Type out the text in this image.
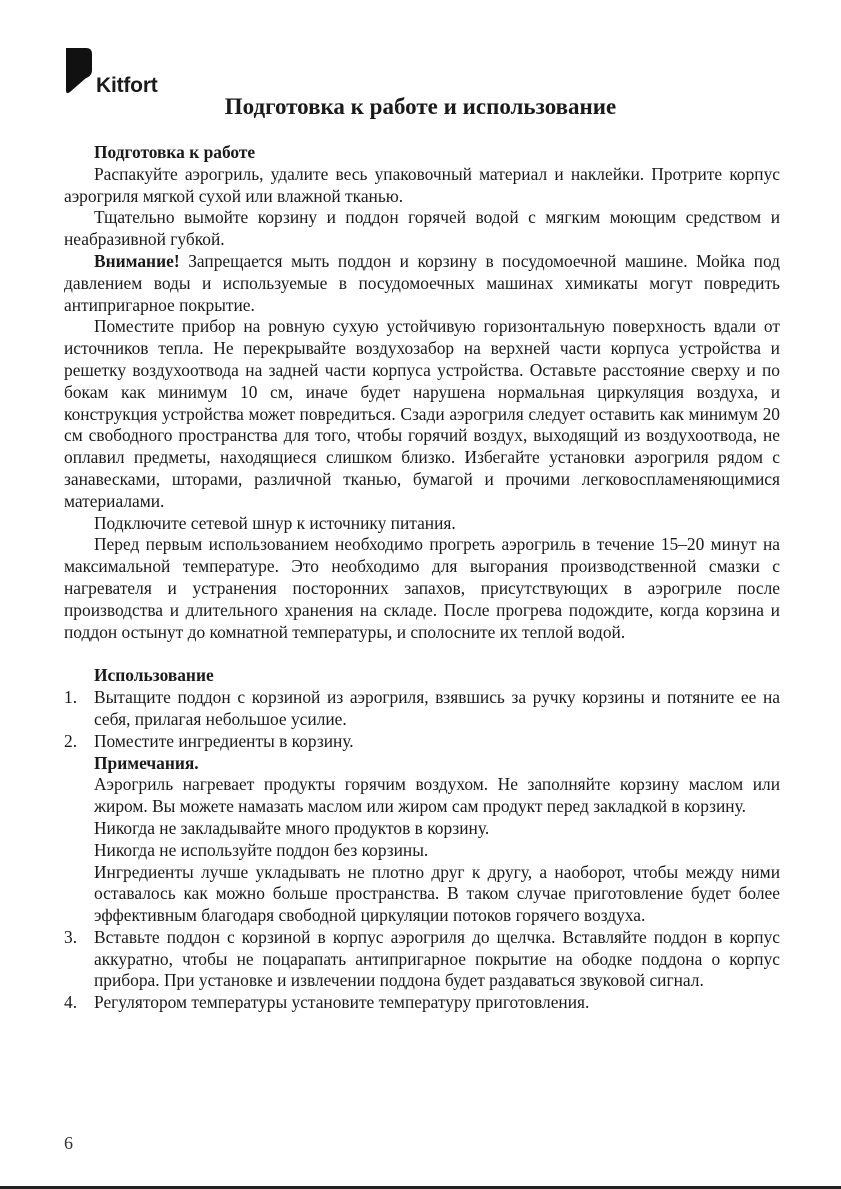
Kitfort
Подготовка к работе и использование
Подготовка к работе

Распакуйте аэрогриль, удалите весь упаковочный материал и наклейки. Протрите корпус аэрогриля мягкой сухой или влажной тканью.

Тщательно вымойте корзину и поддон горячей водой с мягким моющим средством и неабразивной губкой.

Внимание! Запрещается мыть поддон и корзину в посудомоечной машине. Мойка под давлением воды и используемые в посудомоечных машинах химикаты могут повредить антипригарное покрытие.

Поместите прибор на ровную сухую устойчивую горизонтальную поверхность вдали от источников тепла. Не перекрывайте воздухозабор на верхней части корпуса устройства и решетку воздухоотвода на задней части корпуса устройства. Оставьте расстояние сверху и по бокам как минимум 10 см, иначе будет нарушена нормальная циркуляция воздуха, и конструкция устройства может повредиться. Сзади аэрогриля следует оставить как минимум 20 см свободного пространства для того, чтобы горячий воздух, выходящий из воздухоотвода, не оплавил предметы, находящиеся слишком близко. Избегайте установки аэрогриля рядом с занавесками, шторами, различной тканью, бумагой и прочими легковоспламеняющимися материалами.

Подключите сетевой шнур к источнику питания.

Перед первым использованием необходимо прогреть аэрогриль в течение 15–20 минут на максимальной температуре. Это необходимо для выгорания производственной смазки с нагревателя и устранения посторонних запахов, присутствующих в аэрогриле после производства и длительного хранения на складе. После прогрева подождите, когда корзина и поддон остынут до комнатной температуры, и сполосните их теплой водой.

Использование
1. Вытащите поддон с корзиной из аэрогриля, взявшись за ручку корзины и потяните ее на себя, прилагая небольшое усилие.
2. Поместите ингредиенты в корзину.
Примечания.
Аэрогриль нагревает продукты горячим воздухом. Не заполняйте корзину маслом или жиром. Вы можете намазать маслом или жиром сам продукт перед закладкой в корзину.
Никогда не закладывайте много продуктов в корзину.
Никогда не используйте поддон без корзины.
Ингредиенты лучше укладывать не плотно друг к другу, а наоборот, чтобы между ними оставалось как можно больше пространства. В таком случае приготовление будет более эффективным благодаря свободной циркуляции потоков горячего воздуха.
3. Вставьте поддон с корзиной в корпус аэрогриля до щелчка. Вставляйте поддон в корпус аккуратно, чтобы не поцарапать антипригарное покрытие на ободке поддона о корпус прибора. При установке и извлечении поддона будет раздаваться звуковой сигнал.
4. Регулятором температуры установите температуру приготовления.
6
